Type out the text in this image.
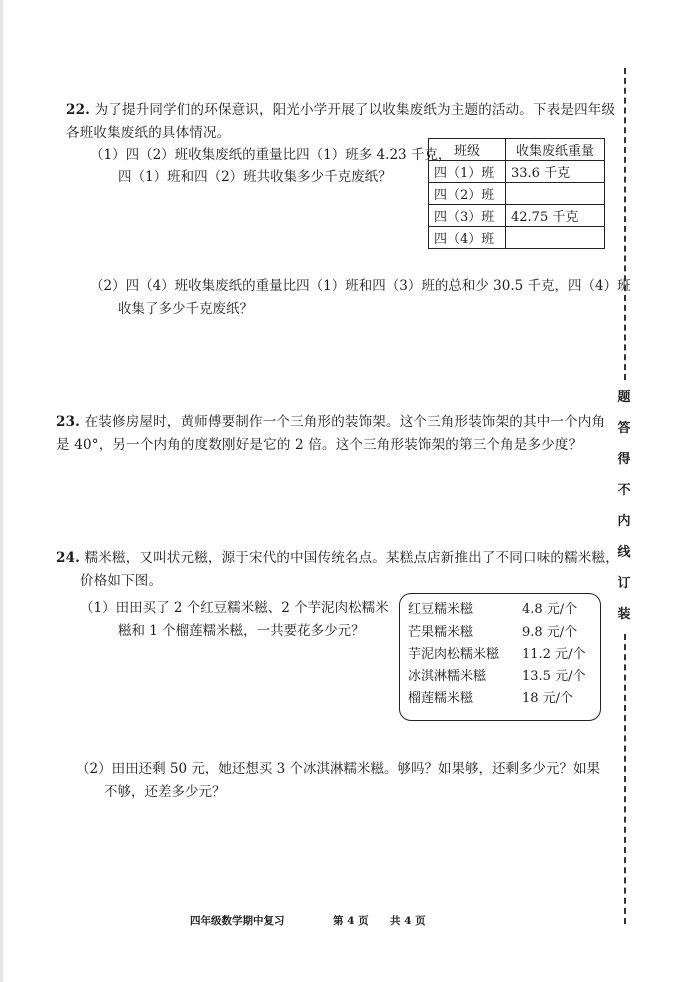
22. 为了提升同学们的环保意识，阳光小学开展了以收集废纸为主题的活动。下表是四年级
各班收集废纸的具体情况。
（1）四（2）班收集废纸的重量比四（1）班多 4.23 千克，
四（1）班和四（2）班共收集多少千克废纸？
班级	收集废纸重量
四（1）班	33.6 千克
四（2）班	
四（3）班	42.75 千克
四（4）班	
（2）四（4）班收集废纸的重量比四（1）班和四（3）班的总和少 30.5 千克，四（4）班
收集了多少千克废纸？
23. 在装修房屋时，黄师傅要制作一个三角形的装饰架。这个三角形装饰架的其中一个内角
是 40°，另一个内角的度数刚好是它的 2 倍。这个三角形装饰架的第三个角是多少度？
24. 糯米糍，又叫状元糍，源于宋代的中国传统名点。某糕点店新推出了不同口味的糯米糍，
价格如下图。
（1）田田买了 2 个红豆糯米糍、2 个芋泥肉松糯米
糍和 1 个榴莲糯米糍，一共要花多少元？
红豆糯米糍	4.8 元/个
芒果糯米糍	9.8 元/个
芋泥肉松糯米糍 11.2 元/个
冰淇淋糯米糍	13.5 元/个
榴莲糯米糍	18 元/个
（2）田田还剩 50 元，她还想买 3 个冰淇淋糯米糍。够吗？如果够，还剩多少元？如果
不够，还差多少元？
题
答
得
不
内
线
订
装
四年级数学期中复习	第 4 页 共 4 页
